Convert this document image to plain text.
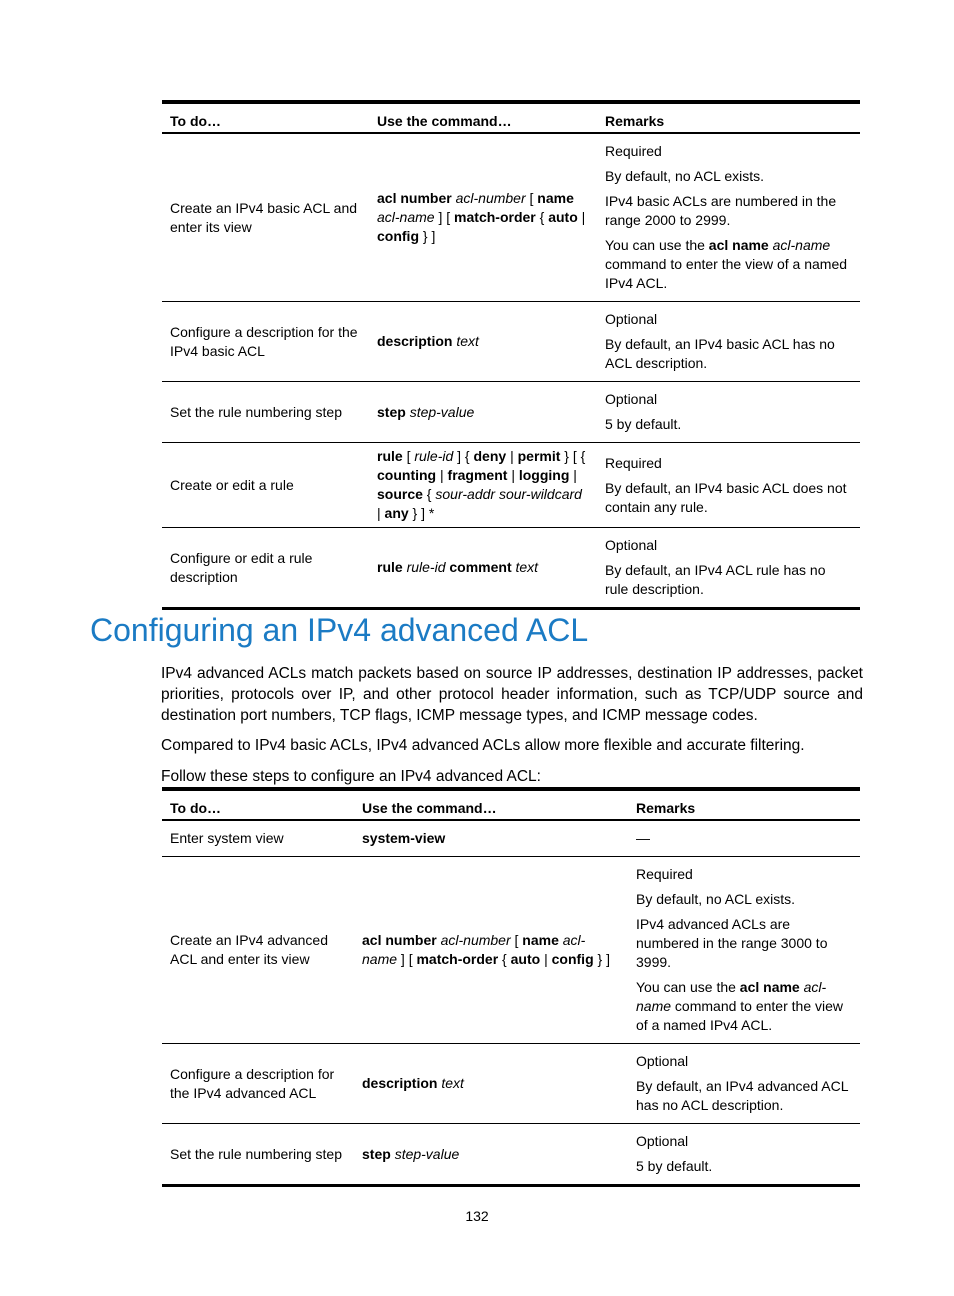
To do…	Use the command…	Remarks
Create an IPv4 basic ACL and enter its view	acl number acl-number [ name acl-name ] [ match-order { auto | config } ]	Required

By default, no ACL exists.

IPv4 basic ACLs are numbered in the range 2000 to 2999.

You can use the acl name acl-name command to enter the view of a named IPv4 ACL.

Configure a description for the IPv4 basic ACL	description text	Optional

By default, an IPv4 basic ACL has no ACL description.

Set the rule numbering step	step step-value	Optional

5 by default.

Create or edit a rule	rule [ rule-id ] { deny | permit } [ { counting | fragment | logging | source { sour-addr sour-wildcard | any } ] *	Required

By default, an IPv4 basic ACL does not contain any rule.

Configure or edit a rule description	rule rule-id comment text	Optional

By default, an IPv4 ACL rule has no rule description.

Configuring an IPv4 advanced ACL

IPv4 advanced ACLs match packets based on source IP addresses, destination IP addresses, packet priorities, protocols over IP, and other protocol header information, such as TCP/UDP source and destination port numbers, TCP flags, ICMP message types, and ICMP message codes.

Compared to IPv4 basic ACLs, IPv4 advanced ACLs allow more flexible and accurate filtering.

Follow these steps to configure an IPv4 advanced ACL:

To do…	Use the command…	Remarks
Enter system view	system-view	—

Create an IPv4 advanced ACL and enter its view	acl number acl-number [ name acl-name ] [ match-order { auto | config } ]	Required

By default, no ACL exists.

IPv4 advanced ACLs are numbered in the range 3000 to 3999.

You can use the acl name acl-name command to enter the view of a named IPv4 ACL.

Configure a description for the IPv4 advanced ACL	description text	Optional

By default, an IPv4 advanced ACL has no ACL description.

Set the rule numbering step	step step-value	Optional

5 by default.

132
